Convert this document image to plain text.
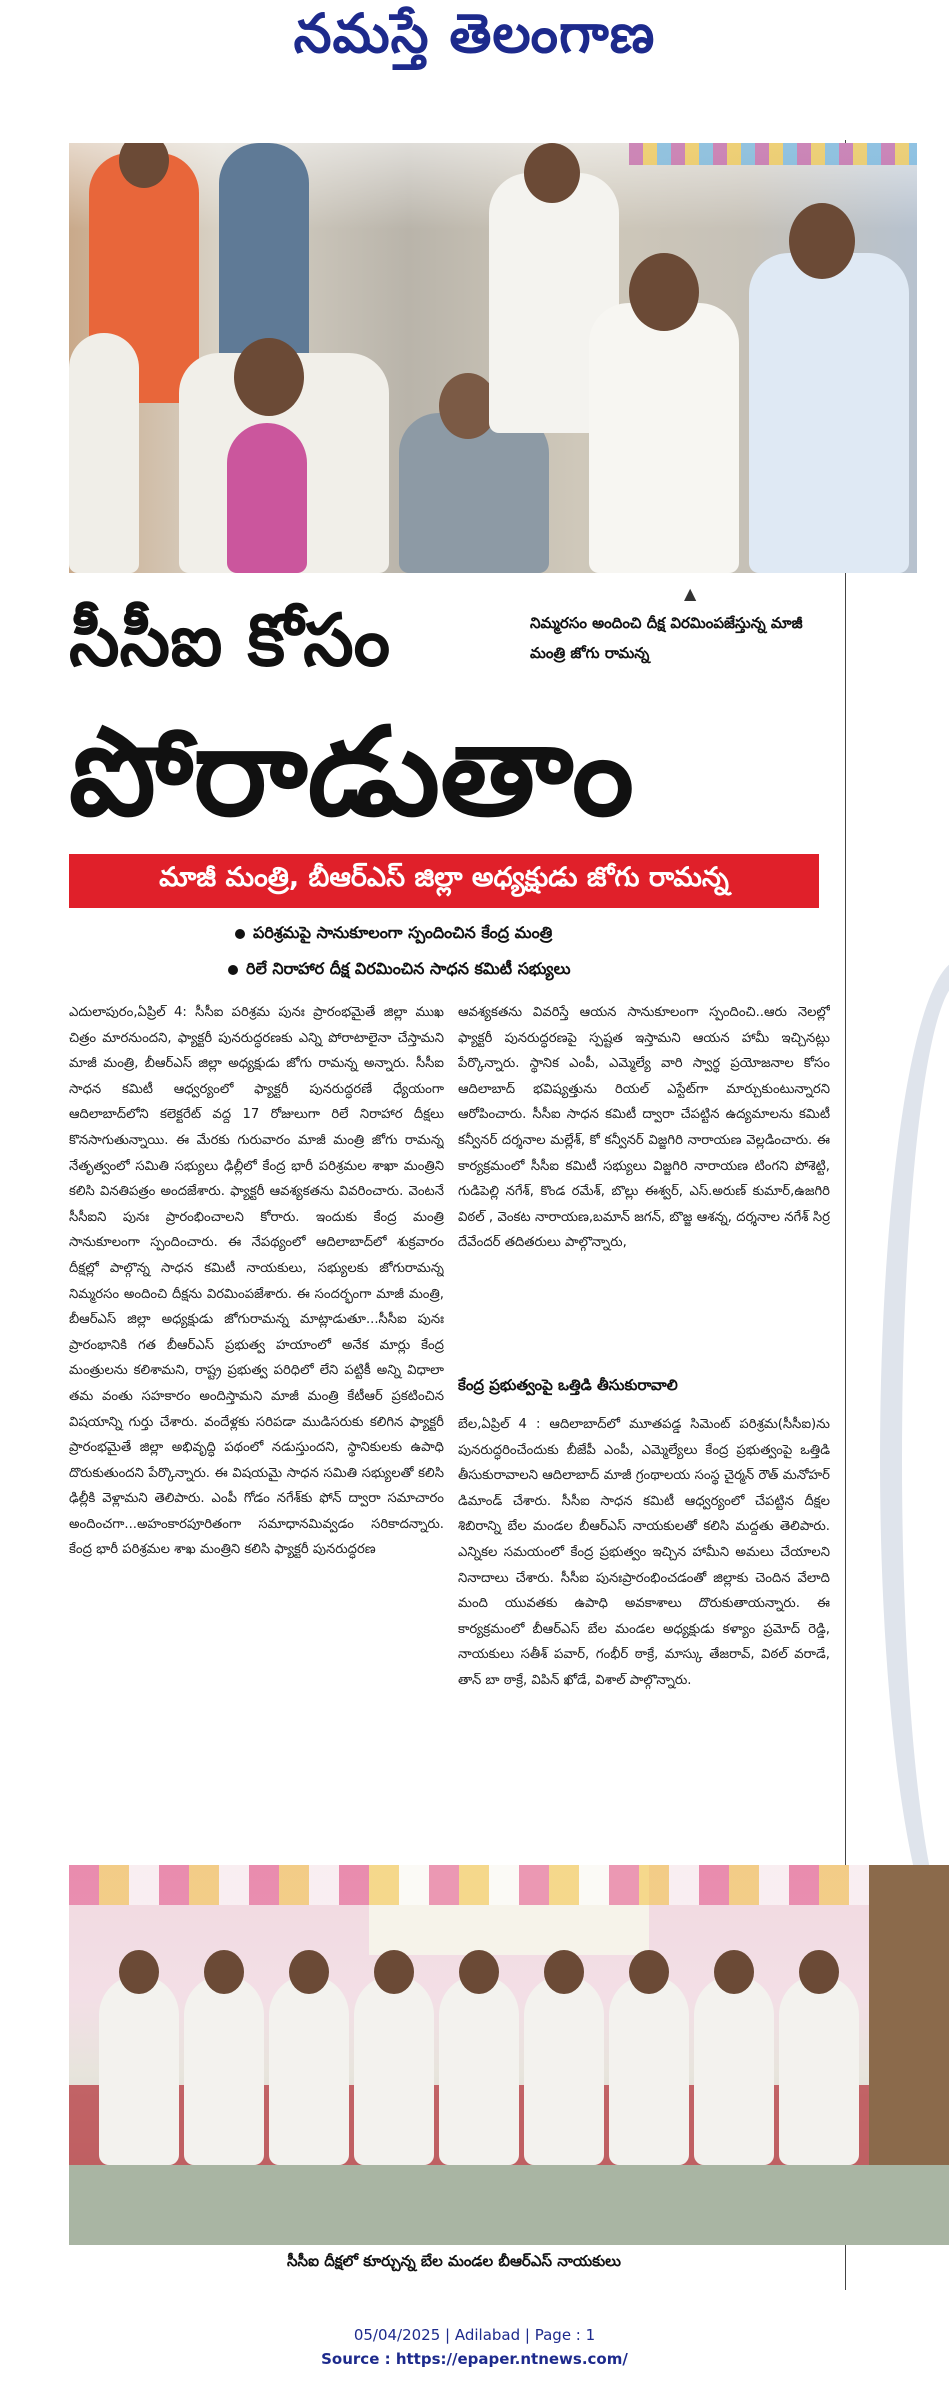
నమస్తే తెలంగాణ
▲
నిమ్మరసం అందించి దీక్ష విరమింపజేస్తున్న మాజీ మంత్రి జోగు రామన్న
సీసీఐ కోసం
పోరాడుతాం
మాజీ మంత్రి, బీఆర్ఎస్ జిల్లా అధ్యక్షుడు జోగు రామన్న
పరిశ్రమపై సానుకూలంగా స్పందించిన కేంద్ర మంత్రి
రిలే నిరాహార దీక్ష విరమించిన సాధన కమిటీ సభ్యులు
ఎదులాపురం,ఏప్రిల్ 4: సీసీఐ పరిశ్రమ పునః ప్రారంభమైతే జిల్లా ముఖ చిత్రం మారనుందని, ఫ్యాక్టరీ పునరుద్ధరణకు ఎన్ని పోరాటాలైనా చేస్తామని మాజీ మంత్రి, బీఆర్ఎస్ జిల్లా అధ్యక్షుడు జోగు రామన్న అన్నారు. సీసీఐ సాధన కమిటీ ఆధ్వర్యంలో ఫ్యాక్టరీ పునరుద్ధరణే ధ్యేయంగా ఆదిలాబాద్‌లోని కలెక్టరేట్ వద్ద 17 రోజులుగా రిలే నిరాహార దీక్షలు కొనసాగుతున్నాయి. ఈ మేరకు గురువారం మాజీ మంత్రి జోగు రామన్న నేతృత్వంలో సమితి సభ్యులు ఢిల్లీలో కేంద్ర భారీ పరిశ్రమల శాఖా మంత్రిని కలిసి వినతిపత్రం అందజేశారు. ఫ్యాక్టరీ ఆవశ్యకతను వివరించారు. వెంటనే సీసీఐని పునః ప్రారంభించాలని కోరారు. ఇందుకు కేంద్ర మంత్రి సానుకూలంగా స్పందించారు. ఈ నేపథ్యంలో ఆదిలాబాద్‌లో శుక్రవారం దీక్షల్లో పాల్గొన్న సాధన కమిటీ నాయకులు, సభ్యులకు జోగురామన్న నిమ్మరసం అందించి దీక్షను విరమింపజేశారు. ఈ సందర్భంగా మాజీ మంత్రి, బీఆర్ఎస్ జిల్లా అధ్యక్షుడు జోగురామన్న మాట్లాడుతూ...సీసీఐ పునః ప్రారంభానికి గత బీఆర్ఎస్ ప్రభుత్వ హయాంలో అనేక మార్లు కేంద్ర మంత్రులను కలిశామని, రాష్ట్ర ప్రభుత్వ పరిధిలో లేని పట్టికీ అన్ని విధాలా తమ వంతు సహకారం అందిస్తామని మాజీ మంత్రి కేటీఆర్ ప్రకటించిన విషయాన్ని గుర్తు చేశారు. వందేళ్లకు సరిపడా ముడిసరుకు కలిగిన ఫ్యాక్టరీ ప్రారంభమైతే జిల్లా అభివృద్ధి పథంలో నడుస్తుందని, స్థానికులకు ఉపాధి దొరుకుతుందని పేర్కొన్నారు. ఈ విషయమై సాధన సమితి సభ్యులతో కలిసి ఢిల్లీకి వెళ్లామని తెలిపారు. ఎంపీ గోడం నగేశ్‌కు ఫోన్ ద్వారా సమాచారం అందించగా...అహంకారపూరితంగా సమాధానమివ్వడం సరికాదన్నారు. కేంద్ర భారీ పరిశ్రమల శాఖ మంత్రిని కలిసి ఫ్యాక్టరీ పునరుద్ధరణ
ఆవశ్యకతను వివరిస్తే ఆయన సానుకూలంగా స్పందించి..ఆరు నెలల్లో ఫ్యాక్టరీ పునరుద్ధరణపై స్పష్టత ఇస్తామని ఆయన హామీ ఇచ్చినట్లు పేర్కొన్నారు. స్థానిక ఎంపీ, ఎమ్మెల్యే వారి స్వార్థ ప్రయోజనాల కోసం ఆదిలాబాద్ భవిష్యత్తును రియల్ ఎస్టేట్‌గా మార్చుకుంటున్నారని ఆరోపించారు. సీసీఐ సాధన కమిటీ ద్వారా చేపట్టిన ఉద్యమాలను కమిటీ కన్వీనర్ దర్శనాల మల్లేశ్, కో కన్వీనర్ విజ్జగిరి నారాయణ వెల్లడించారు. ఈ కార్యక్రమంలో సీసీఐ కమిటీ సభ్యులు విజ్జగిరి నారాయణ టింగని పోశెట్టి, గుడిపెల్లి నగేశ్, కొండ రమేశ్, బొల్లు ఈశ్వర్, ఎస్.అరుణ్ కుమార్,ఉజగిరి విఠల్ , వెంకట నారాయణ,బమాన్ జగన్, బొజ్జ ఆశన్న, దర్శనాల నగేశ్ సిర్ర దేవేందర్ తదితరులు పాల్గొన్నారు,
కేంద్ర ప్రభుత్వంపై ఒత్తిడి తీసుకురావాలి
బేల,ఏప్రిల్ 4 : ఆదిలాబాద్‌లో మూతపడ్డ సిమెంట్ పరిశ్రమ(సీసీఐ)ను పునరుద్ధరించేందుకు బీజేపీ ఎంపీ, ఎమ్మెల్యేలు కేంద్ర ప్రభుత్వంపై ఒత్తిడి తీసుకురావాలని ఆదిలాబాద్ మాజీ గ్రంథాలయ సంస్థ చైర్మన్ రౌత్ మనోహర్ డిమాండ్ చేశారు. సీసీఐ సాధన కమిటీ ఆధ్వర్యంలో చేపట్టిన దీక్షల శిబిరాన్ని బేల మండల బీఆర్ఎస్ నాయకులతో కలిసి మద్దతు తెలిపారు. ఎన్నికల సమయంలో కేంద్ర ప్రభుత్వం ఇచ్చిన హామీని అమలు చేయాలని నినాదాలు చేశారు. సీసీఐ పునఃప్రారంభించడంతో జిల్లాకు చెందిన వేలాది మంది యువతకు ఉపాధి అవకాశాలు దొరుకుతాయన్నారు. ఈ కార్యక్రమంలో బీఆర్ఎస్ బేల మండల అధ్యక్షుడు కళ్యాం ప్రమోద్ రెడ్డి, నాయకులు సతీశ్ పవార్, గంభీర్ ఠాక్రే, మాస్కు తేజరావ్, విఠల్ వరాడే, తాన్ బా ఠాక్రే, విపిన్ ఖోడే, విశాల్ పాల్గొన్నారు.
సీసీఐ దీక్షలో కూర్చున్న బేల మండల బీఆర్ఎస్ నాయకులు
05/04/2025 | Adilabad | Page : 1
Source : https://epaper.ntnews.com/
